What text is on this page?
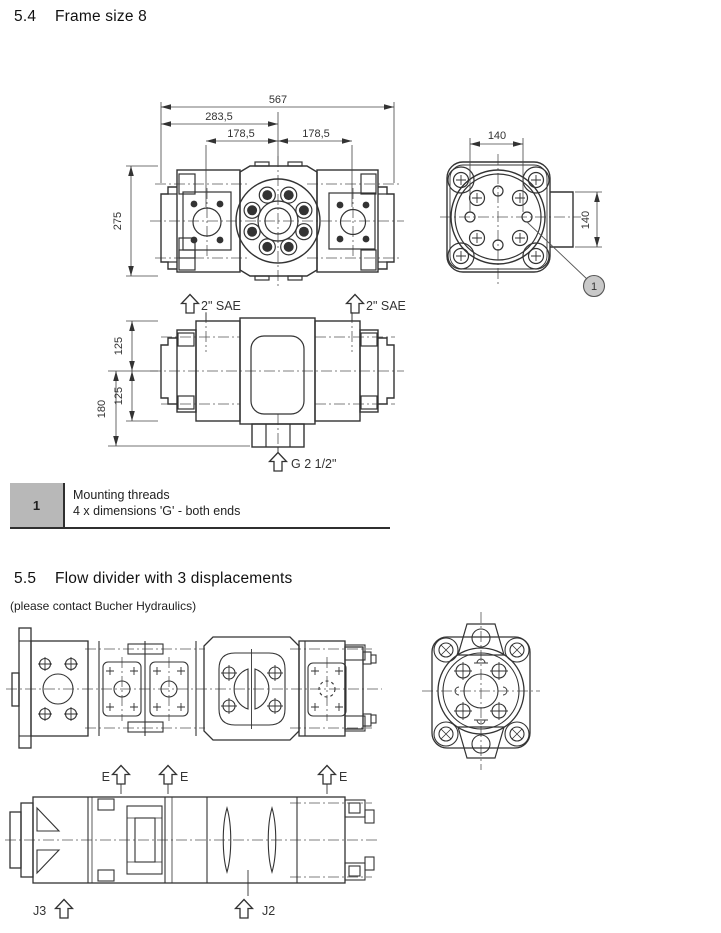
5.4 Frame size 8
5.5 Flow divider with 3 displacements
(please contact Bucher Hydraulics)
1
Mounting threads
4 x dimensions 'G' - both ends
567
283,5
178,5	178,5
275
140
140
1
2" SAE	2" SAE
125
125
180
G 2 1/2"
E	E	E
J3	J2
